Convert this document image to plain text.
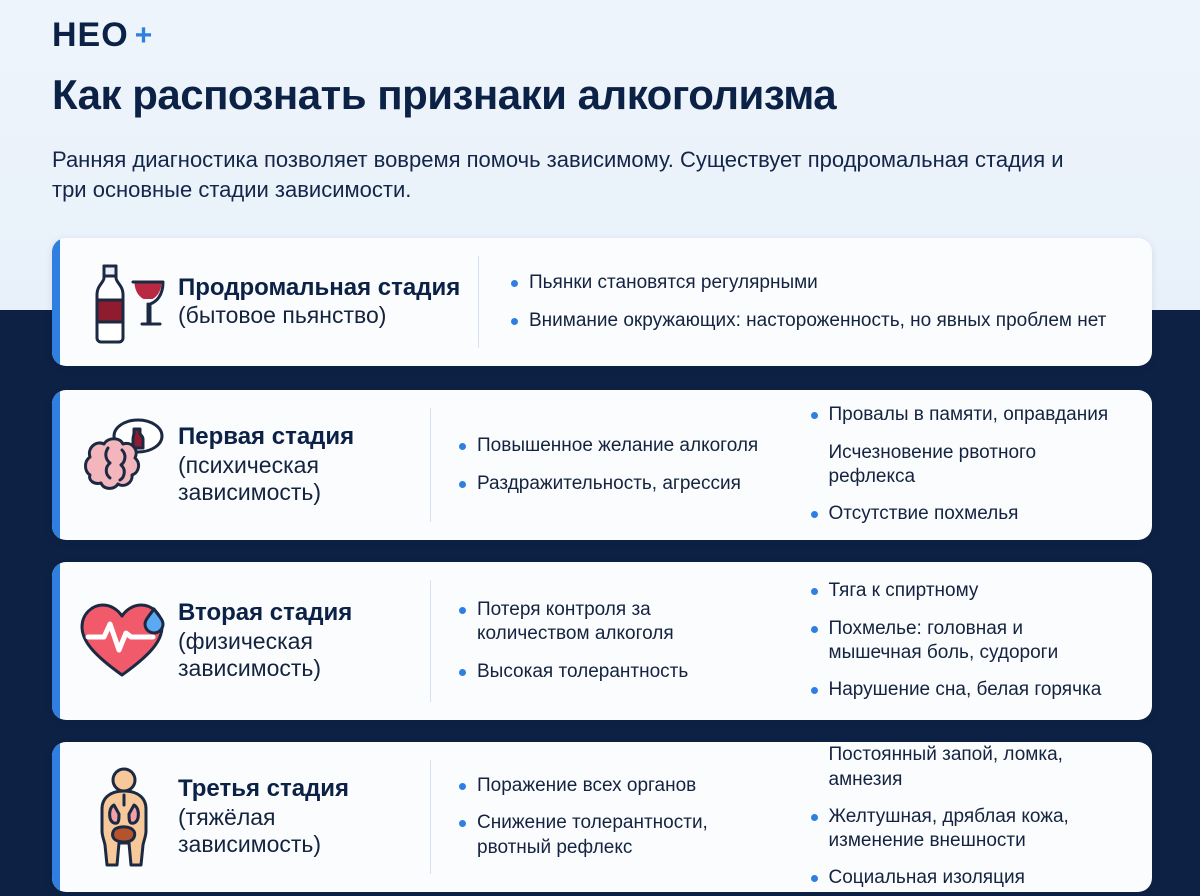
HEO +
Как распознать признаки алкоголизма

Ранняя диагностика позволяет вовремя помочь зависимому. Существует продромальная стадия и три основные стадии зависимости.

Продромальная стадия
(бытовое пьянство)
Пьянки становятся регулярными
Внимание окружающих: настороженность, но явных проблем нет
Первая стадия
(психическая зависимость)
Повышенное желание алкоголя
Раздражительность, агрессия
Провалы в памяти, оправдания
Исчезновение рвотного рефлекса
Отсутствие похмелья
Вторая стадия
(физическая зависимость)
Потеря контроля за количеством алкоголя
Высокая толерантность
Тяга к спиртному
Похмелье: головная и мышечная боль, судороги
Нарушение сна, белая горячка
Третья стадия
(тяжёлая зависимость)
Поражение всех органов
Снижение толерантности, рвотный рефлекс
Постоянный запой, ломка, амнезия
Желтушная, дряблая кожа, изменение внешности
Социальная изоляция
